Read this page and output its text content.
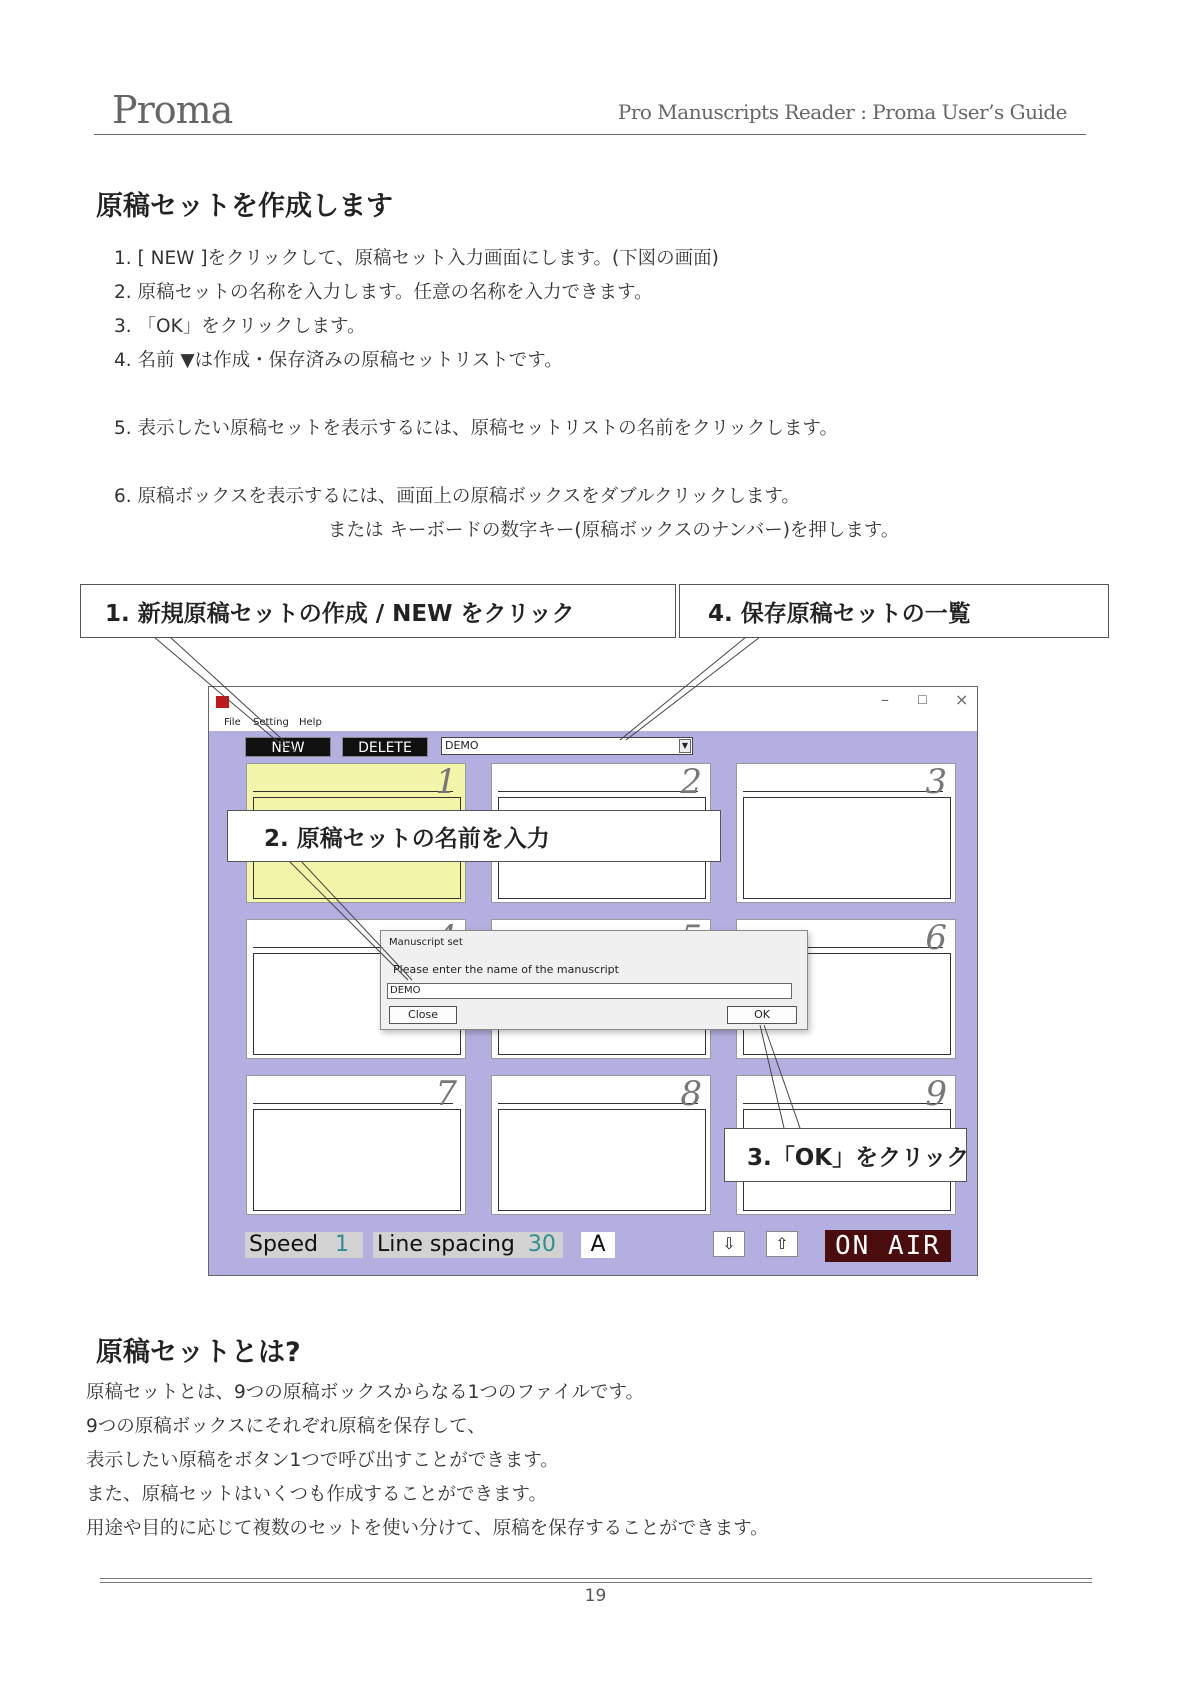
Proma	Pro Manuscripts Reader : Proma User’s Guide
原稿セットを作成します
1. [ NEW ]をクリックして、原稿セット入力画面にします。(下図の画面)
2. 原稿セットの名称を入力します。任意の名称を入力できます。
3. 「OK」をクリックします。
4. 名前 ▼は作成・保存済みの原稿セットリストです。
5. 表示したい原稿セットを表示するには、原稿セットリストの名前をクリックします。
6. 原稿ボックスを表示するには、画面上の原稿ボックスをダブルクリックします。
または キーボードの数字キー(原稿ボックスのナンバー)を押します。
– ☐ ×
File Setting Help
NEW	DELETE	DEMO	▼
1	2	3
6
7	8	9
Speed 1	Line spacing 30	A	⇩	⇧	ON AIR
Manuscript set
Please enter the name of the manuscript
DEMO
Close	OK
1. 新規原稿セットの作成 / NEW をクリック	4. 保存原稿セットの一覧
2. 原稿セットの名前を入力
3.「OK」をクリック
原稿セットとは?
原稿セットとは、9つの原稿ボックスからなる1つのファイルです。
9つの原稿ボックスにそれぞれ原稿を保存して、
表示したい原稿をボタン1つで呼び出すことができます。
また、原稿セットはいくつも作成することができます。
用途や目的に応じて複数のセットを使い分けて、原稿を保存することができます。
19
